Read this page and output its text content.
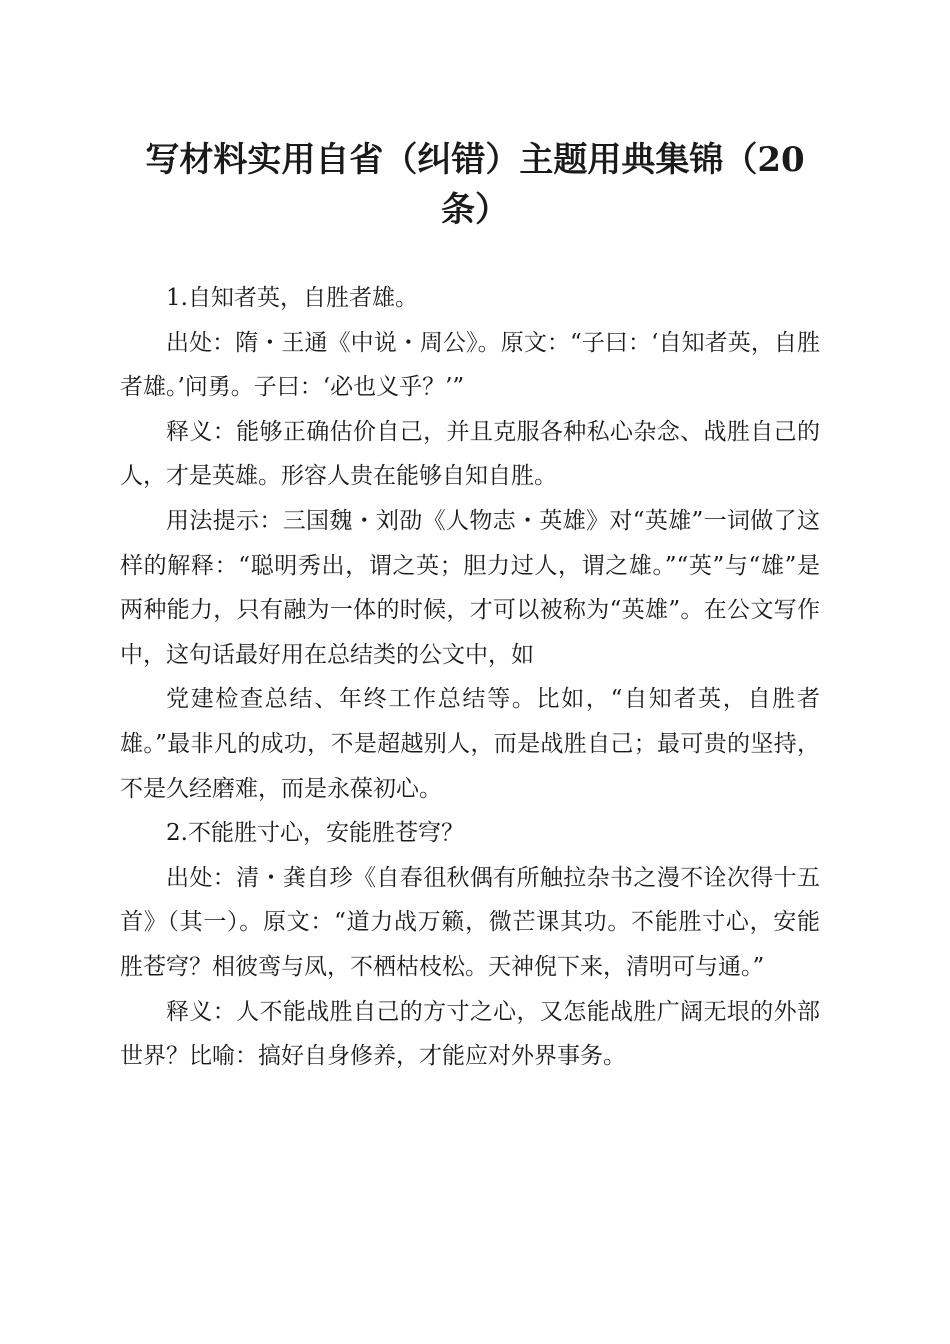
写材料实用自省（纠错）主题用典集锦（20条）

1.自知者英，自胜者雄。

出处：隋・王通《中说・周公》。原文：“子曰：‘自知者英，自胜者雄。’问勇。子曰：‘必也义乎？’”

释义：能够正确估价自己，并且克服各种私心杂念、战胜自己的人，才是英雄。形容人贵在能够自知自胜。

用法提示：三国魏・刘劭《人物志・英雄》对“英雄”一词做了这样的解释：“聪明秀出，谓之英；胆力过人，谓之雄。”“英”与“雄”是两种能力，只有融为一体的时候，才可以被称为“英雄”。在公文写作中，这句话最好用在总结类的公文中，如

党建检查总结、年终工作总结等。比如，“自知者英，自胜者雄。”最非凡的成功，不是超越别人，而是战胜自己；最可贵的坚持，不是久经磨难，而是永葆初心。

2.不能胜寸心，安能胜苍穹？

出处：清・龚自珍《自春徂秋偶有所触拉杂书之漫不诠次得十五首》（其一）。原文：“道力战万籁，微芒课其功。不能胜寸心，安能胜苍穹？相彼鸾与凤，不栖枯枝松。天神倪下来，清明可与通。”

释义：人不能战胜自己的方寸之心，又怎能战胜广阔无垠的外部世界？比喻：搞好自身修养，才能应对外界事务。
